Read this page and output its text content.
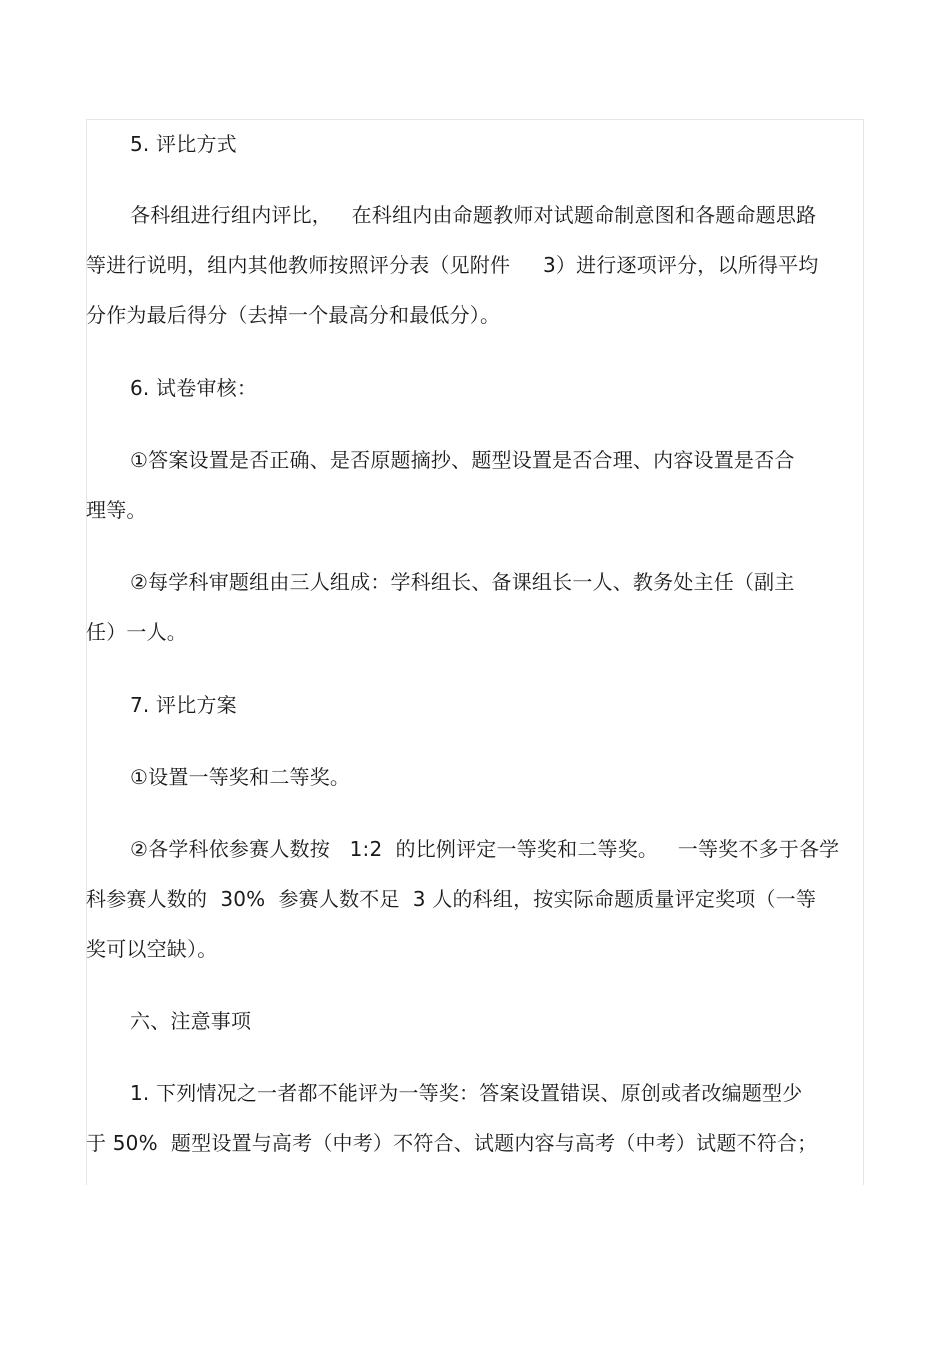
5. 评比方式
各科组进行组内评比，   在科组内由命题教师对试题命制意图和各题命题思路
等进行说明，组内其他教师按照评分表（见附件     3）进行逐项评分，以所得平均
分作为最后得分（去掉一个最高分和最低分）。
6. 试卷审核：
①答案设置是否正确、是否原题摘抄、题型设置是否合理、内容设置是否合
理等。
②每学科审题组由三人组成：学科组长、备课组长一人、教务处主任（副主
任）一人。
7. 评比方案
①设置一等奖和二等奖。
②各学科依参赛人数按   1:2  的比例评定一等奖和二等奖。   一等奖不多于各学
科参赛人数的  30%  参赛人数不足  3 人的科组，按实际命题质量评定奖项（一等
奖可以空缺）。
六、注意事项
1. 下列情况之一者都不能评为一等奖：答案设置错误、原创或者改编题型少
于 50%  题型设置与高考（中考）不符合、试题内容与高考（中考）试题不符合；
